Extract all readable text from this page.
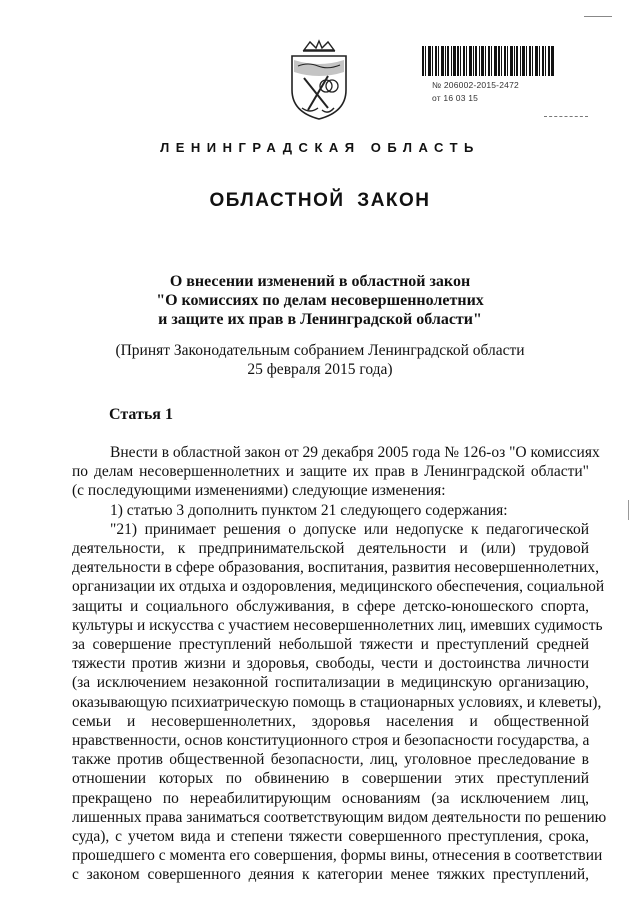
№ 206002-2015-2472
от 16 03 15
ЛЕНИНГРАДСКАЯ ОБЛАСТЬ
ОБЛАСТНОЙ ЗАКОН
О внесении изменений в областной закон
"О комиссиях по делам несовершеннолетних
и защите их прав в Ленинградской области"
(Принят Законодательным собранием Ленинградской области
25 февраля 2015 года)
Статья 1
Внести в областной закон от 29 декабря 2005 года № 126-оз "О комиссиях
по делам несовершеннолетних и защите их прав в Ленинградской области"
(с последующими изменениями) следующие изменения:
1) статью 3 дополнить пунктом 21 следующего содержания:
"21) принимает решения о допуске или недопуске к педагогической
деятельности, к предпринимательской деятельности и (или) трудовой
деятельности в сфере образования, воспитания, развития несовершеннолетних,
организации их отдыха и оздоровления, медицинского обеспечения, социальной
защиты и социального обслуживания, в сфере детско-юношеского спорта,
культуры и искусства с участием несовершеннолетних лиц, имевших судимость
за совершение преступлений небольшой тяжести и преступлений средней
тяжести против жизни и здоровья, свободы, чести и достоинства личности
(за исключением незаконной госпитализации в медицинскую организацию,
оказывающую психиатрическую помощь в стационарных условиях, и клеветы),
семьи и несовершеннолетних, здоровья населения и общественной
нравственности, основ конституционного строя и безопасности государства, а
также против общественной безопасности, лиц, уголовное преследование в
отношении которых по обвинению в совершении этих преступлений
прекращено по нереабилитирующим основаниям (за исключением лиц,
лишенных права заниматься соответствующим видом деятельности по решению
суда), с учетом вида и степени тяжести совершенного преступления, срока,
прошедшего с момента его совершения, формы вины, отнесения в соответствии
с законом совершенного деяния к категории менее тяжких преступлений,
